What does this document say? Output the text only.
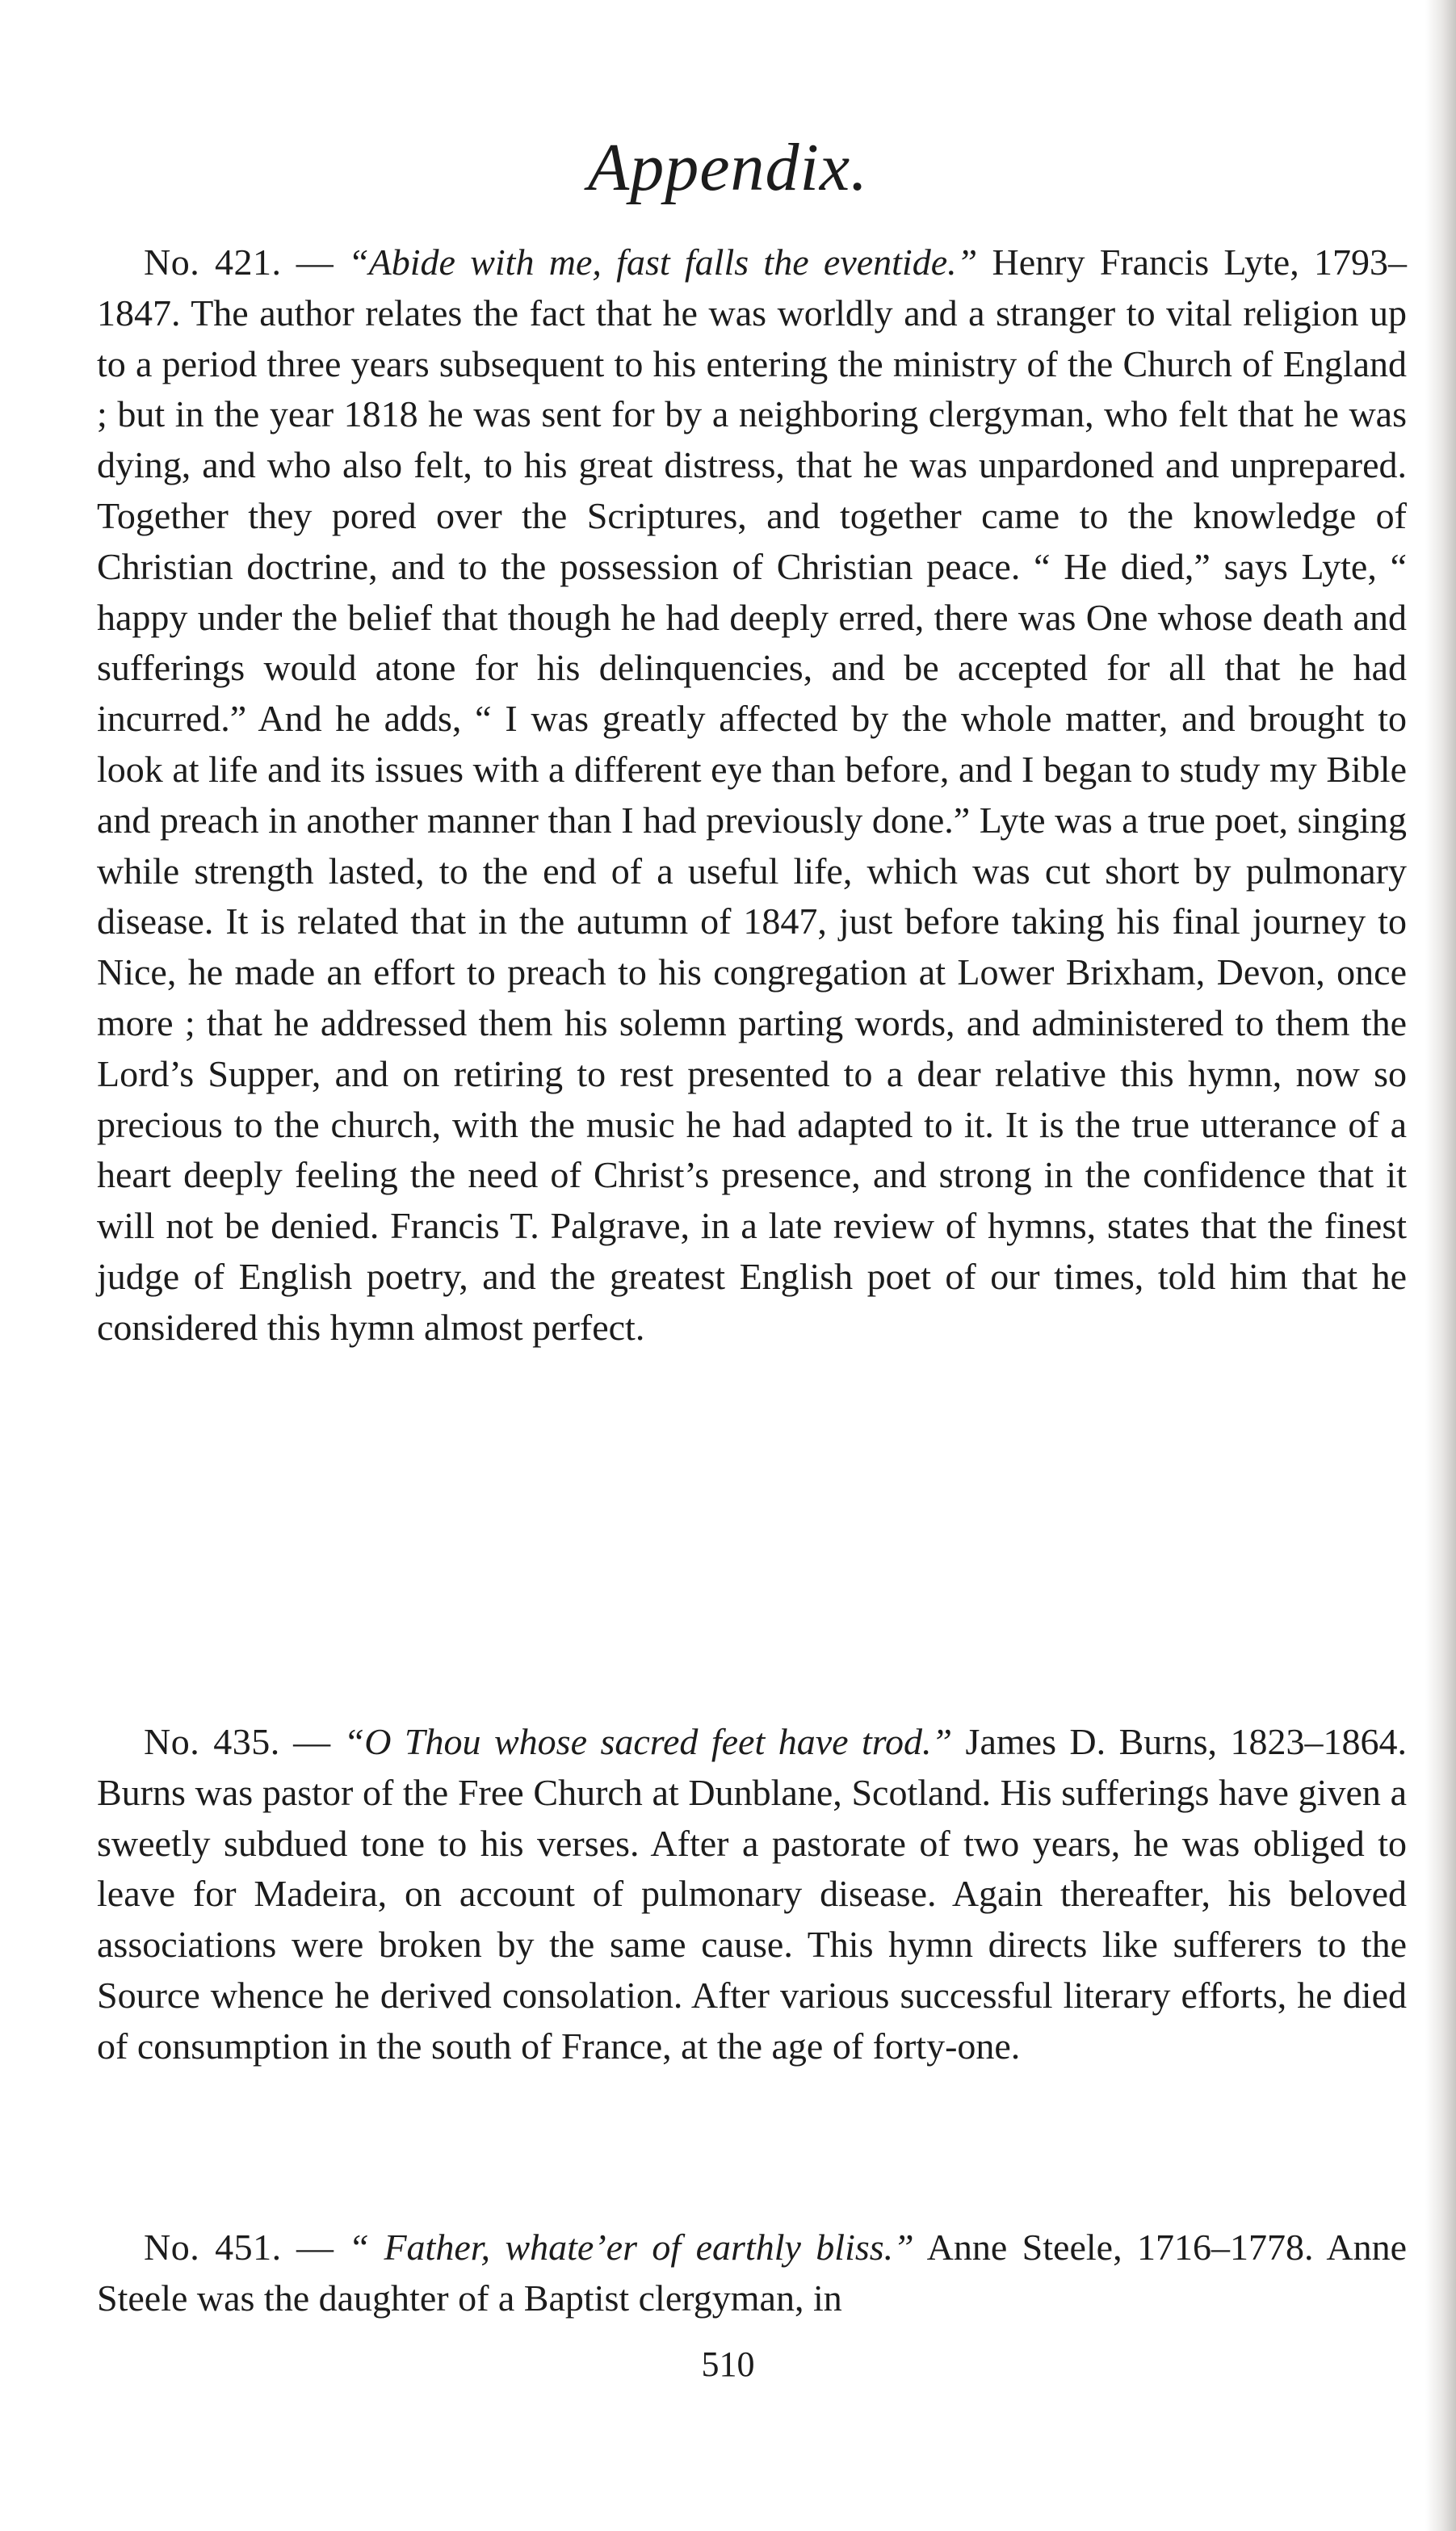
Appendix.

No. 421. — “Abide with me, fast falls the eventide.” Henry Francis Lyte, 1793–1847. The author relates the fact that he was worldly and a stranger to vital religion up to a period three years subsequent to his entering the ministry of the Church of England ; but in the year 1818 he was sent for by a neighboring clergyman, who felt that he was dying, and who also felt, to his great distress, that he was unpardoned and unprepared. Together they pored over the Scriptures, and together came to the knowledge of Christian doctrine, and to the possession of Christian peace. “ He died,” says Lyte, “ happy under the belief that though he had deeply erred, there was One whose death and sufferings would atone for his delinquencies, and be accepted for all that he had incurred.” And he adds, “ I was greatly affected by the whole matter, and brought to look at life and its issues with a different eye than before, and I began to study my Bible and preach in another manner than I had previously done.” Lyte was a true poet, singing while strength lasted, to the end of a useful life, which was cut short by pulmonary disease. It is related that in the autumn of 1847, just before taking his final journey to Nice, he made an effort to preach to his congregation at Lower Brixham, Devon, once more ; that he addressed them his solemn parting words, and administered to them the Lord’s Supper, and on retiring to rest presented to a dear relative this hymn, now so precious to the church, with the music he had adapted to it. It is the true utterance of a heart deeply feeling the need of Christ’s presence, and strong in the confidence that it will not be denied. Francis T. Palgrave, in a late review of hymns, states that the finest judge of English poetry, and the greatest English poet of our times, told him that he considered this hymn almost perfect.

No. 435. — “O Thou whose sacred feet have trod.” James D. Burns, 1823–1864. Burns was pastor of the Free Church at Dunblane, Scotland. His sufferings have given a sweetly subdued tone to his verses. After a pastorate of two years, he was obliged to leave for Madeira, on account of pulmonary disease. Again thereafter, his beloved associations were broken by the same cause. This hymn directs like sufferers to the Source whence he derived consolation. After various successful literary efforts, he died of consumption in the south of France, at the age of forty-one.

No. 451. — “ Father, whate’er of earthly bliss.” Anne Steele, 1716–1778. Anne Steele was the daughter of a Baptist clergyman, in

510
